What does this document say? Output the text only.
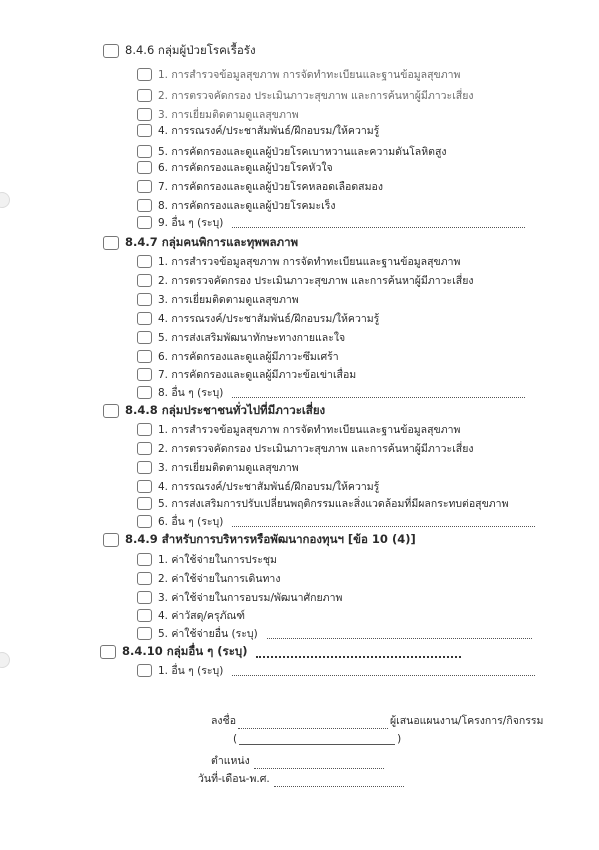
8.4.6 กลุ่มผู้ป่วยโรคเรื้อรัง
1. การสำรวจข้อมูลสุขภาพ การจัดทำทะเบียนและฐานข้อมูลสุขภาพ
2. การตรวจคัดกรอง ประเมินภาวะสุขภาพ และการค้นหาผู้มีภาวะเสี่ยง
3. การเยี่ยมติดตามดูแลสุขภาพ
4. การรณรงค์/ประชาสัมพันธ์/ฝึกอบรม/ให้ความรู้
5. การคัดกรองและดูแลผู้ป่วยโรคเบาหวานและความดันโลหิตสูง
6. การคัดกรองและดูแลผู้ป่วยโรคหัวใจ
7. การคัดกรองและดูแลผู้ป่วยโรคหลอดเลือดสมอง
8. การคัดกรองและดูแลผู้ป่วยโรคมะเร็ง
9. อื่น ๆ (ระบุ)
8.4.7 กลุ่มคนพิการและทุพพลภาพ
1. การสำรวจข้อมูลสุขภาพ การจัดทำทะเบียนและฐานข้อมูลสุขภาพ
2. การตรวจคัดกรอง ประเมินภาวะสุขภาพ และการค้นหาผู้มีภาวะเสี่ยง
3. การเยี่ยมติดตามดูแลสุขภาพ
4. การรณรงค์/ประชาสัมพันธ์/ฝึกอบรม/ให้ความรู้
5. การส่งเสริมพัฒนาทักษะทางกายและใจ
6. การคัดกรองและดูแลผู้มีภาวะซึมเศร้า
7. การคัดกรองและดูแลผู้มีภาวะข้อเข่าเสื่อม
8. อื่น ๆ (ระบุ)
8.4.8 กลุ่มประชาชนทั่วไปที่มีภาวะเสี่ยง
1. การสำรวจข้อมูลสุขภาพ การจัดทำทะเบียนและฐานข้อมูลสุขภาพ
2. การตรวจคัดกรอง ประเมินภาวะสุขภาพ และการค้นหาผู้มีภาวะเสี่ยง
3. การเยี่ยมติดตามดูแลสุขภาพ
4. การรณรงค์/ประชาสัมพันธ์/ฝึกอบรม/ให้ความรู้
5. การส่งเสริมการปรับเปลี่ยนพฤติกรรมและสิ่งแวดล้อมที่มีผลกระทบต่อสุขภาพ
6. อื่น ๆ (ระบุ)
8.4.9 สำหรับการบริหารหรือพัฒนากองทุนฯ [ข้อ 10 (4)]
1. ค่าใช้จ่ายในการประชุม
2. ค่าใช้จ่ายในการเดินทาง
3. ค่าใช้จ่ายในการอบรม/พัฒนาศักยภาพ
4. ค่าวัสดุ/ครุภัณฑ์
5. ค่าใช้จ่ายอื่น (ระบุ)
8.4.10 กลุ่มอื่น ๆ (ระบุ)
1. อื่น ๆ (ระบุ)
ลงชื่อ	ผู้เสนอแผนงาน/โครงการ/กิจกรรม
(	)
ตำแหน่ง
วันที่-เดือน-พ.ศ.
